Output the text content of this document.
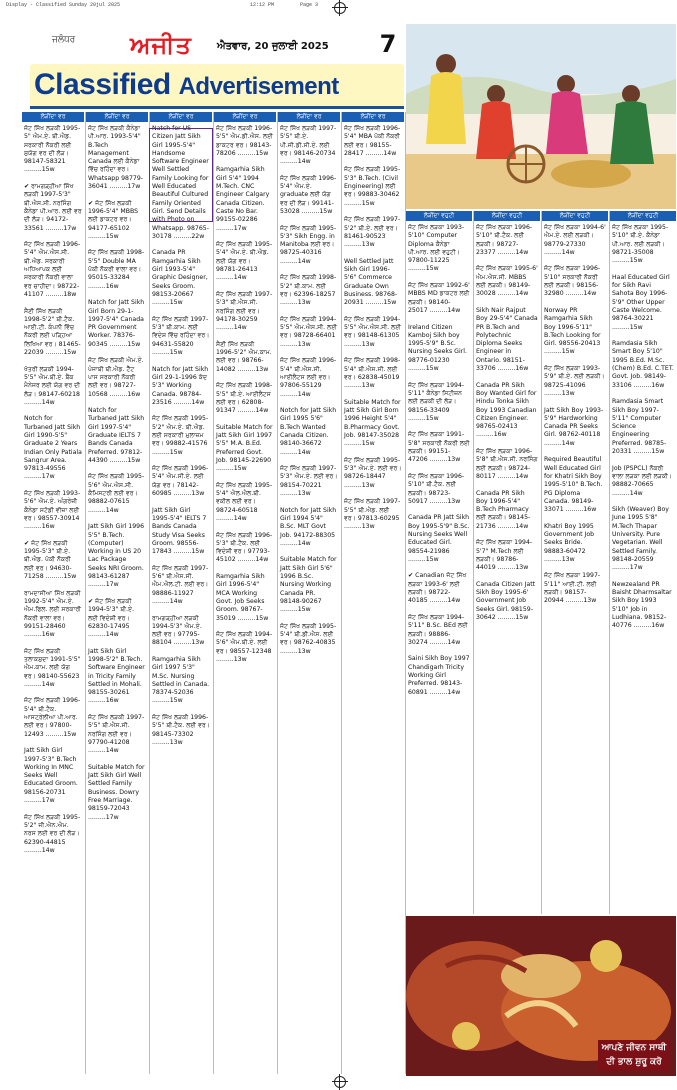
Display - Classified Sunday 20jul 2025	12:12 PM	Page 3
ਜਲੰਧਰ ਅਜੀਤ	ਐਤਵਾਰ, 20 ਜੁਲਾਈ 2025 7
Classified Advertisement
ਆਪਣੇ ਜੀਵਨ ਸਾਥੀ ਦੀ ਭਾਲ ਸ਼ੁਰੂ ਕਰੋ
ਲੋੜੀਂਦਾ ਵਰ
ਜੱਟ ਸਿੱਖ ਲੜਕੀ 1995-5" ਐਮ.ਏ. ਬੀ.ਐਡ. ਸਰਕਾਰੀ ਨੌਕਰੀ ਲਈ ਸੁਯੋਗ ਵਰ ਦੀ ਲੋੜ। 98147-58321 .........15w

✔ ਰਾਮਗੜ੍ਹੀਆ ਸਿੱਖ ਲੜਕੀ 1997-5'3" ਬੀ.ਐਸ.ਸੀ. ਨਰਸਿੰਗ ਕੈਨੇਡਾ ਪੀ.ਆਰ. ਲਈ ਵਰ ਦੀ ਲੋੜ। 94172-33561 .........17w

ਜੱਟ ਸਿੱਖ ਲੜਕੀ 1996-5'4" ਐਮ.ਐਸ.ਸੀ. ਬੀ.ਐਡ. ਸਰਕਾਰੀ ਅਧਿਆਪਕ ਲਈ ਸਰਕਾਰੀ ਨੌਕਰੀ ਵਾਲਾ ਵਰ ਚਾਹੀਦਾ। 98722-41107 .........18w

ਸੈਣੀ ਸਿੱਖ ਲੜਕੀ 1998-5'2" ਬੀ.ਟੈਕ. ਆਈ.ਟੀ. ਕੰਪਨੀ ਵਿੱਚ ਨੌਕਰੀ ਲਈ ਪੜ੍ਹਿਆ ਲਿਖਿਆ ਵਰ। 81465-22039 .........15w

ਖੱਤਰੀ ਲੜਕੀ 1994-5'5" ਐਮ.ਬੀ.ਏ. ਬੈਂਕ ਮੈਨੇਜਰ ਲਈ ਯੋਗ ਵਰ ਦੀ ਲੋੜ। 98147-60218 .........14w

Notch for Turbaned Jatt Sikh Girl 1990-5'5" Graduate 2 Years Indian Only Patiala Sangrur Area. 97813-49556 .........17w

ਜੱਟ ਸਿੱਖ ਲੜਕੀ 1993-5'6" ਐਮ.ਏ. ਅੰਗਰੇਜ਼ੀ ਕੈਨੇਡਾ ਸਟੱਡੀ ਵੀਜ਼ਾ ਲਈ ਵਰ। 98557-30914 .........16w

✔ ਜੱਟ ਸਿੱਖ ਲੜਕੀ 1995-5'3" ਬੀ.ਏ. ਬੀ.ਐਡ. ਪੱਕੀ ਨੌਕਰੀ ਲਈ ਵਰ। 94630-71258 .........15w

ਰਾਮਦਾਸੀਆ ਸਿੱਖ ਲੜਕੀ 1992-5'4" ਐਮ.ਏ. ਐਮ.ਫਿਲ. ਲਈ ਸਰਕਾਰੀ ਨੌਕਰੀ ਵਾਲਾ ਵਰ। 99151-28460 .........16w

ਜੱਟ ਸਿੱਖ ਲੜਕੀ ਤਲਾਕਸ਼ੁਦਾ 1991-5'5" ਐਮ.ਕਾਮ. ਲਈ ਯੋਗ ਵਰ। 98140-55623 .........14w

ਜੱਟ ਸਿੱਖ ਲੜਕੀ 1996-5'4" ਬੀ.ਟੈਕ. ਆਸਟ੍ਰੇਲੀਆ ਪੀ.ਆਰ. ਲਈ ਵਰ। 97800-12493 .........15w

Jatt Sikh Girl 1997-5'3" B.Tech Working In MNC Seeks Well Educated Groom. 98156-20731 .........17w

ਜੱਟ ਸਿੱਖ ਲੜਕੀ 1995-5'2" ਜੀ.ਐਨ.ਐਮ. ਨਰਸ ਲਈ ਵਰ ਦੀ ਲੋੜ। 62390-44815 .........14w
ਲੋੜੀਂਦਾ ਵਰ
ਜੱਟ ਸਿੱਖ ਲੜਕੀ ਕੈਨੇਡਾ ਪੀ.ਆਰ. 1993-5'4" B.Tech Management Canada ਲਈ ਕੈਨੇਡਾ ਵਿੱਚ ਰਹਿੰਦਾ ਵਰ। Whatsapp 98779-36041 .........17w

✔ ਜੱਟ ਸਿੱਖ ਲੜਕੀ 1996-5'4" MBBS ਲਈ ਡਾਕਟਰ ਵਰ। 94177-65102 .........15w

ਜੱਟ ਸਿੱਖ ਲੜਕੀ 1998-5'5" Double MA ਪੱਕੀ ਨੌਕਰੀ ਵਾਲਾ ਵਰ। 95015-33284 .........16w

Natch for Jatt Sikh Girl Born 29-1-1997-5'4" Canada PR Government Worker. 78376-90345 .........15w

ਜੱਟ ਸਿੱਖ ਲੜਕੀ ਐਮ.ਏ. ਪੰਜਾਬੀ ਬੀ.ਐਡ. ਟੈੱਟ ਪਾਸ ਸਰਕਾਰੀ ਨੌਕਰੀ ਲਈ ਵਰ। 98727-10568 .........16w

Natch for Turbaned Jatt Sikh Girl 1997-5'4" Graduate IELTS 7 Bands Canada Preferred. 97812-44390 .........15w

ਜੱਟ ਸਿੱਖ ਲੜਕੀ 1995-5'6" ਐਮ.ਐਸ.ਸੀ. ਕੈਮਿਸਟਰੀ ਲਈ ਵਰ। 98882-07615 .........14w

Jatt Sikh Girl 1996 5'5" B.Tech. (Computer) Working in US 20 Lac Package Seeks NRI Groom. 98143-61287 .........17w

✔ ਜੱਟ ਸਿੱਖ ਲੜਕੀ 1994-5'3" ਬੀ.ਏ. ਲਈ ਵਿਦੇਸ਼ੀ ਵਰ। 62830-17495 .........14w

Jatt Sikh Girl 1998-5'2" B.Tech. Software Engineer in Tricity Family Settled in Mohali. 98155-30261 .........16w

ਜੱਟ ਸਿੱਖ ਲੜਕੀ 1997-5'5" ਬੀ.ਐਸ.ਸੀ. ਨਰਸਿੰਗ ਲਈ ਵਰ। 97790-41208 .........14w

Suitable Match for Jatt Sikh Girl Well Settled Family Business. Dowry Free Marriage. 98159-72043 .........17w
ਲੋੜੀਂਦਾ ਵਰ
Natch for US Citizen Jatt Sikh Girl 1995-5'4" Handsome Software Engineer Well Settled Family Looking for Well Educated Beautiful Cultured Family Oriented Girl. Send Details with Photo on Whatsapp. 98765-30178 .........22w

Canada PR Ramgarhia Sikh Girl 1993-5'4" Graphic Designer, Seeks Groom. 98153-20667 .........15w

ਜੱਟ ਸਿੱਖ ਲੜਕੀ 1997-5'3" ਬੀ.ਕਾਮ. ਲਈ ਵਿਦੇਸ਼ ਵਿੱਚ ਰਹਿੰਦਾ ਵਰ। 94631-55820 .........15w

Natch for Jatt Sikh Girl 29-1-1996 ਕੱਦ 5'3" Working Canada. 98784-23516 .........14w

ਜੱਟ ਸਿੱਖ ਲੜਕੀ 1995-5'2" ਐਮ.ਏ. ਬੀ.ਐਡ. ਲਈ ਸਰਕਾਰੀ ਮੁਲਾਜ਼ਮ ਵਰ। 99882-41576 .........15w

ਜੱਟ ਸਿੱਖ ਲੜਕੀ 1996-5'4" ਐਮ.ਸੀ.ਏ. ਲਈ ਯੋਗ ਵਰ। 78142-60985 .........13w

Jatt Sikh Girl 1995-5'4" IELTS 7 Bands Canada Study Visa Seeks Groom. 98556-17843 .........15w

ਜੱਟ ਸਿੱਖ ਲੜਕੀ 1997-5'6" ਬੀ.ਐਸ.ਸੀ. ਐਮ.ਐਲ.ਟੀ. ਲਈ ਵਰ। 98886-11927 .........14w

ਰਾਮਗੜ੍ਹੀਆ ਲੜਕੀ 1994-5'3" ਐਮ.ਏ. ਲਈ ਵਰ। 97795-88104 .........13w

Ramgarhia Sikh Girl 1997 5'3" M.Sc. Nursing Settled in Canada. 78374-52036 .........15w

ਜੱਟ ਸਿੱਖ ਲੜਕੀ 1996-5'5" ਬੀ.ਟੈਕ. ਲਈ ਵਰ। 98145-73302 .........13w
ਲੋੜੀਂਦਾ ਵਰ
ਜੱਟ ਸਿੱਖ ਲੜਕੀ 1996-5'5" ਐਮ.ਡੀ.ਐਸ. ਲਈ ਡਾਕਟਰ ਵਰ। 98143-78206 .........15w

Ramgarhia Sikh Girl 5'4" 1994 M.Tech. CNC Engineer Calgary Canada Citizen. Caste No Bar. 99155-02286 .........17w

ਜੱਟ ਸਿੱਖ ਲੜਕੀ 1995-5'4" ਐਮ.ਏ. ਬੀ.ਐਡ. ਲਈ ਯੋਗ ਵਰ। 98781-26413 .........14w

ਜੱਟ ਸਿੱਖ ਲੜਕੀ 1997-5'3" ਬੀ.ਐਸ.ਸੀ. ਨਰਸਿੰਗ ਲਈ ਵਰ। 94178-30259 .........14w

ਸੈਣੀ ਸਿੱਖ ਲੜਕੀ 1996-5'2" ਐਮ.ਕਾਮ. ਲਈ ਵਰ। 98766-14082 .........13w

ਜੱਟ ਸਿੱਖ ਲੜਕੀ 1998-5'5" ਬੀ.ਏ. ਆਈਲੈਟਸ ਲਈ ਵਰ। 62808-91347 .........14w

Suitable Match for Jatt Sikh Girl 1997 5'5" M.A. B.Ed. Preferred Govt. Job. 98145-22690 .........15w

ਜੱਟ ਸਿੱਖ ਲੜਕੀ 1995-5'4" ਐਲ.ਐਲ.ਬੀ. ਵਕੀਲ ਲਈ ਵਰ। 98724-60518 .........14w

ਜੱਟ ਸਿੱਖ ਲੜਕੀ 1996-5'3" ਬੀ.ਟੈਕ. ਲਈ ਵਿਦੇਸ਼ੀ ਵਰ। 97793-45102 .........14w

Ramgarhia Sikh Girl 1996-5'4" MCA Working Govt. Job Seeks Groom. 98767-35019 .........15w

ਜੱਟ ਸਿੱਖ ਲੜਕੀ 1994-5'6" ਐਮ.ਬੀ.ਏ. ਲਈ ਵਰ। 98557-12348 .........13w
ਲੋੜੀਂਦਾ ਵਰ
ਜੱਟ ਸਿੱਖ ਲੜਕੀ 1997-5'5" ਬੀ.ਏ. ਪੀ.ਜੀ.ਡੀ.ਸੀ.ਏ. ਲਈ ਵਰ। 98146-20734 .........14w

ਜੱਟ ਸਿੱਖ ਲੜਕੀ 1996-5'4" ਐਮ.ਏ. graduate ਲਈ ਯੋਗ ਵਰ ਦੀ ਲੋੜ। 99141-53028 .........15w

ਜੱਟ ਸਿੱਖ ਲੜਕੀ 1995-5'3" Sikh Engg. in Manitoba ਲਈ ਵਰ। 98725-40316 .........14w

ਜੱਟ ਸਿੱਖ ਲੜਕੀ 1998-5'2" ਬੀ.ਕਾਮ. ਲਈ ਵਰ। 62396-18257 .........13w

ਜੱਟ ਸਿੱਖ ਲੜਕੀ 1994-5'5" ਐਮ.ਐਸ.ਸੀ. ਲਈ ਵਰ। 98728-66401 .........13w

ਜੱਟ ਸਿੱਖ ਲੜਕੀ 1996-5'4" ਬੀ.ਐਸ.ਸੀ. ਆਈਲੈਟਸ ਲਈ ਵਰ। 97806-55129 .........14w

Notch for Jatt Sikh Girl 1995 5'6" B.Tech Wanted Canada Citizen. 98140-36672 .........14w

ਜੱਟ ਸਿੱਖ ਲੜਕੀ 1997-5'3" ਐਮ.ਏ. ਲਈ ਵਰ। 98154-70221 .........13w

Notch for Jatt Sikh Girl 1994 5'4" B.Sc. MLT Govt Job. 94172-88305 .........14w

Suitable Match for Jatt Sikh Girl 5'6" 1996 B.Sc. Nursing Working Canada PR. 98148-90267 .........15w

ਜੱਟ ਸਿੱਖ ਲੜਕੀ 1995-5'4" ਬੀ.ਡੀ.ਐਸ. ਲਈ ਵਰ। 98762-40835 .........13w
ਲੋੜੀਂਦਾ ਵਰ
ਜੱਟ ਸਿੱਖ ਲੜਕੀ 1996-5'4" MBA ਪੱਕੀ ਨੌਕਰੀ ਲਈ ਵਰ। 98155-28417 .........14w

ਜੱਟ ਸਿੱਖ ਲੜਕੀ 1995-5'3" B.Tech. (Civil Engineering) ਲਈ ਵਰ। 99883-30462 .........15w

ਜੱਟ ਸਿੱਖ ਲੜਕੀ 1997-5'2" ਬੀ.ਏ. ਲਈ ਵਰ। 81461-90523 .........13w

Well Settled Jatt Sikh Girl 1996-5'6" Commerce Graduate Own Business. 98768-20931 .........15w

ਜੱਟ ਸਿੱਖ ਲੜਕੀ 1994-5'5" ਐਮ.ਐਸ.ਸੀ. ਲਈ ਵਰ। 98148-61305 .........13w

ਜੱਟ ਸਿੱਖ ਲੜਕੀ 1998-5'4" ਬੀ.ਐਸ.ਸੀ. ਲਈ ਵਰ। 62838-45019 .........13w

Suitable Match for Jatt Sikh Girl Born 1996 Height 5'4" B.Pharmacy Govt. Job. 98147-35028 .........15w

ਜੱਟ ਸਿੱਖ ਲੜਕੀ 1995-5'3" ਐਮ.ਏ. ਲਈ ਵਰ। 98726-18447 .........13w

ਜੱਟ ਸਿੱਖ ਲੜਕੀ 1997-5'5" ਬੀ.ਐਡ. ਲਈ ਵਰ। 97813-60295 .........13w
ਲੋੜੀਂਦਾ ਵਹੁਟੀ
ਜੱਟ ਸਿੱਖ ਲੜਕਾ 1993-5'10" Computer Diploma ਕੈਨੇਡਾ ਪੀ.ਆਰ. ਲਈ ਵਹੁਟੀ। 97800-11225 .........15w

ਜੱਟ ਸਿੱਖ ਲੜਕਾ 1992-6' MBBS MD ਡਾਕਟਰ ਲਈ ਲੜਕੀ। 98140-25017 .........14w

Ireland Citizen Kamboj Sikh boy 1995-5'9" B.Sc. Nursing Seeks Girl. 98776-01230 .........15w

ਜੱਟ ਸਿੱਖ ਲੜਕਾ 1994-5'11" ਕੈਨੇਡਾ ਸਿਟੀਜ਼ਨ ਲਈ ਲੜਕੀ ਦੀ ਲੋੜ। 98156-33409 .........15w

ਜੱਟ ਸਿੱਖ ਲੜਕਾ 1991-5'8" ਸਰਕਾਰੀ ਨੌਕਰੀ ਲਈ ਲੜਕੀ। 99151-47206 .........13w

ਜੱਟ ਸਿੱਖ ਲੜਕਾ 1996-5'10" ਬੀ.ਟੈਕ. ਲਈ ਲੜਕੀ। 98723-50917 .........13w

Canada PR Jatt Sikh Boy 1995-5'9" B.Sc. Nursing Seeks Well Educated Girl. 98554-21986 .........15w

✔ Canadian ਜੱਟ ਸਿੱਖ ਲੜਕਾ 1993-6' ਲਈ ਲੜਕੀ। 98722-40185 .........14w

ਜੱਟ ਸਿੱਖ ਲੜਕਾ 1994-5'11" B.Sc. BEd ਲਈ ਲੜਕੀ। 98886-30274 .........14w

Saini Sikh Boy 1997 Chandigarh Tricity Working Girl Preferred. 98143-60891 .........14w
ਲੋੜੀਂਦਾ ਵਹੁਟੀ
ਜੱਟ ਸਿੱਖ ਲੜਕਾ 1996-5'10" ਬੀ.ਟੈਕ. ਲਈ ਲੜਕੀ। 98727-23377 .........14w

ਜੱਟ ਸਿੱਖ ਲੜਕਾ 1995-6' ਐਮ.ਐਸ.ਸੀ. MBBS ਲਈ ਲੜਕੀ। 98149-30028 .........14w

Sikh Nair Rajput Boy 29-5'4" Canada PR B.Tech and Polytechnic Diploma Seeks Engineer in Ontario. 98151-33706 .........16w

Canada PR Sikh Boy Wanted Girl for Hindu Tonka Sikh Boy 1993 Canadian Citizen Engineer. 98765-02413 .........16w

ਜੱਟ ਸਿੱਖ ਲੜਕਾ 1996-5'8" ਬੀ.ਐਸ.ਸੀ. ਨਰਸਿੰਗ ਲਈ ਲੜਕੀ। 98724-80117 .........14w

Canada PR Sikh Boy 1996-5'4" B.Tech Pharmacy ਲਈ ਲੜਕੀ। 98145-21736 .........14w

ਜੱਟ ਸਿੱਖ ਲੜਕਾ 1994-5'7" M.Tech ਲਈ ਲੜਕੀ। 98786-44019 .........13w

Canada Citizen Jatt Sikh Boy 1995-6' Government Job Seeks Girl. 98159-30642 .........15w
ਲੋੜੀਂਦਾ ਵਹੁਟੀ
ਜੱਟ ਸਿੱਖ ਲੜਕਾ 1994-6' ਐਮ.ਏ. ਲਈ ਲੜਕੀ। 98779-27330 .........14w

ਜੱਟ ਸਿੱਖ ਲੜਕਾ 1996-5'10" ਸਰਕਾਰੀ ਨੌਕਰੀ ਲਈ ਲੜਕੀ। 98156-32980 .........14w

Norway PR Ramgarhia Sikh Boy 1996-5'11" B.Tech Looking for Girl. 98556-20413 .........15w

ਜੱਟ ਸਿੱਖ ਲੜਕਾ 1993-5'9" ਬੀ.ਏ. ਲਈ ਲੜਕੀ। 98725-41096 .........13w

Jatt Sikh Boy 1993-5'9" Hardworking Canada PR Seeks Girl. 98762-40118 .........14w

Required Beautiful Well Educated Girl for Khatri Sikh Boy 1995-5'10" B.Tech. PG Diploma Canada. 98149-33071 .........16w

Khatri Boy 1995 Government Job Seeks Bride. 98883-60472 .........13w

ਜੱਟ ਸਿੱਖ ਲੜਕਾ 1997-5'11" ਆਈ.ਟੀ. ਲਈ ਲੜਕੀ। 98157-20944 .........13w
ਲੋੜੀਂਦਾ ਵਹੁਟੀ
ਜੱਟ ਸਿੱਖ ਲੜਕਾ 1995-5'10" ਬੀ.ਏ. ਕੈਨੇਡਾ ਪੀ.ਆਰ. ਲਈ ਲੜਕੀ। 98721-35008 .........15w

Haal Educated Girl for Sikh Ravi Sahota Boy 1996-5'9" Other Upper Caste Welcome. 98764-30221 .........15w

Ramdasia Sikh Smart Boy 5'10" 1995 B.Ed. M.Sc. (Chem) B.Ed. C.TET. Govt. Job. 98149-33106 .........16w

Ramdasia Smart Sikh Boy 1997-5'11" Computer Science Engineering Preferred. 98785-20331 .........15w

Job (PSPCL) ਨੌਕਰੀ ਵਾਲਾ ਲੜਕਾ ਲਈ ਲੜਕੀ। 98882-70665 .........14w

Sikh (Weaver) Boy June 1995 5'8" M.Tech Thapar University. Pure Vegetarian. Well Settled Family. 98148-20559 .........17w

Newzealand PR Baisht Dharmsaltar Sikh Boy 1993 5'10" Job in Ludhiana. 98152-40776 .........16w
